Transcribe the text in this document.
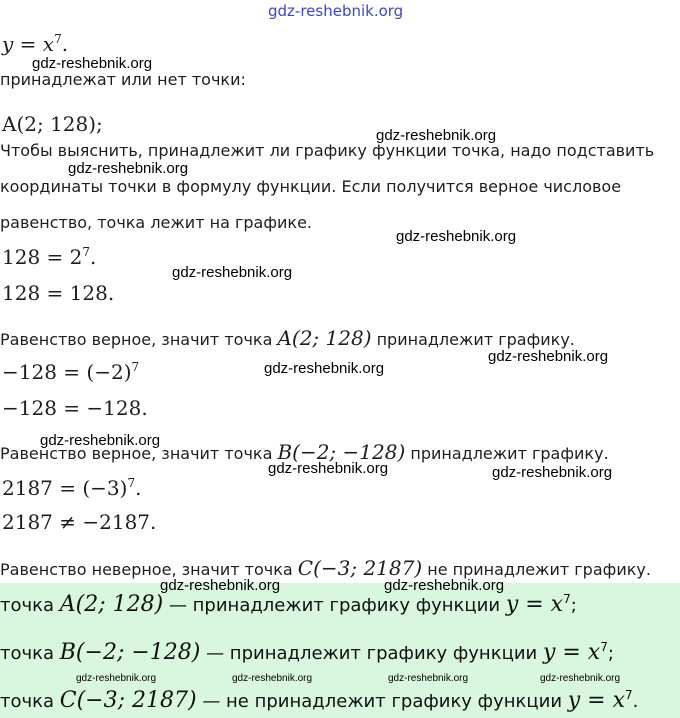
gdz-reshebnik.org
$y = x^7$.
принадлежат или нет точки:
A(2; 128);
Чтобы выяснить, принадлежит ли графику функции точка, надо подставить
координаты точки в формулу функции. Если получится верное числовое
равенство, точка лежит на графике.
$128 = 2^7$.
128 = 128.
Равенство верное, значит точка A(2; 128) принадлежит графику.
$-128 = (-2)^7$
−128 = −128.
Равенство верное, значит точка B(−2; −128) принадлежит графику.
$2187 = (-3)^7$.
2187 ≠ −2187.
Равенство неверное, значит точка C(−3; 2187) не принадлежит графику.
точка A(2; 128) — принадлежит графику функции $y = x^7$;
точка B(−2; −128) — принадлежит графику функции $y = x^7$;
точка C(−3; 2187) — не принадлежит графику функции $y = x^7$.
gdz-reshebnik.org
gdz-reshebnik.org
gdz-reshebnik.org
gdz-reshebnik.org
gdz-reshebnik.org
gdz-reshebnik.org
gdz-reshebnik.org
gdz-reshebnik.org
gdz-reshebnik.org	gdz-reshebnik.org
gdz-reshebnik.org	gdz-reshebnik.org
gdz-reshebnik.org	gdz-reshebnik.org	gdz-reshebnik.org	gdz-reshebnik.org
